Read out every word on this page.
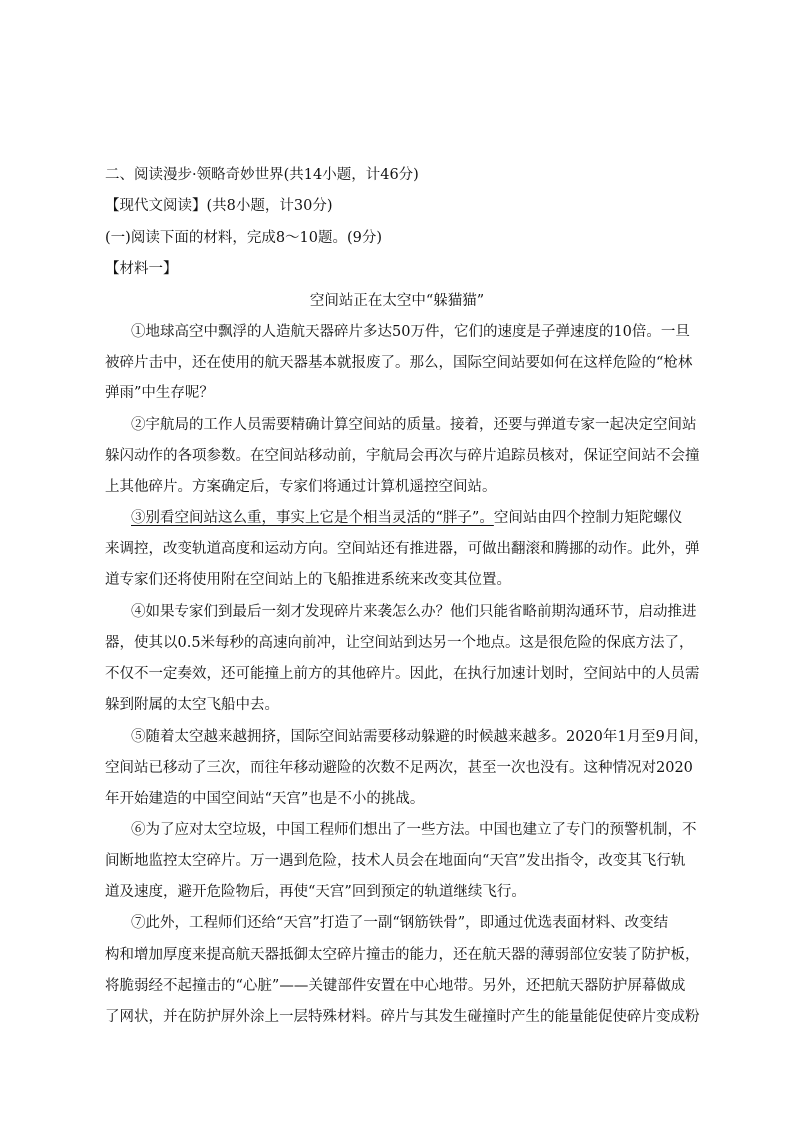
二、阅读漫步·领略奇妙世界(共14小题，计46分)
【现代文阅读】(共8小题，计30分)
(一)阅读下面的材料，完成8～10题。(9分)
【材料一】
空间站正在太空中“躲猫猫”
①地球高空中飘浮的人造航天器碎片多达50万件，它们的速度是子弹速度的10倍。一旦
被碎片击中，还在使用的航天器基本就报废了。那么，国际空间站要如何在这样危险的“枪林
弹雨”中生存呢？
②宇航局的工作人员需要精确计算空间站的质量。接着，还要与弹道专家一起决定空间站
躲闪动作的各项参数。在空间站移动前，宇航局会再次与碎片追踪员核对，保证空间站不会撞
上其他碎片。方案确定后，专家们将通过计算机遥控空间站。
③别看空间站这么重，事实上它是个相当灵活的“胖子”。空间站由四个控制力矩陀螺仪
来调控，改变轨道高度和运动方向。空间站还有推进器，可做出翻滚和腾挪的动作。此外，弹
道专家们还将使用附在空间站上的飞船推进系统来改变其位置。
④如果专家们到最后一刻才发现碎片来袭怎么办？他们只能省略前期沟通环节，启动推进
器，使其以0.5米每秒的高速向前冲，让空间站到达另一个地点。这是很危险的保底方法了，
不仅不一定奏效，还可能撞上前方的其他碎片。因此，在执行加速计划时，空间站中的人员需
躲到附属的太空飞船中去。
⑤随着太空越来越拥挤，国际空间站需要移动躲避的时候越来越多。2020年1月至9月间，
空间站已移动了三次，而往年移动避险的次数不足两次，甚至一次也没有。这种情况对2020
年开始建造的中国空间站“天宫”也是不小的挑战。
⑥为了应对太空垃圾，中国工程师们想出了一些方法。中国也建立了专门的预警机制，不
间断地监控太空碎片。万一遇到危险，技术人员会在地面向“天宫”发出指令，改变其飞行轨
道及速度，避开危险物后，再使“天宫”回到预定的轨道继续飞行。
⑦此外，工程师们还给“天宫”打造了一副“钢筋铁骨”，即通过优选表面材料、改变结
构和增加厚度来提高航天器抵御太空碎片撞击的能力，还在航天器的薄弱部位安装了防护板，
将脆弱经不起撞击的“心脏”——关键部件安置在中心地带。另外，还把航天器防护屏幕做成
了网状，并在防护屏外涂上一层特殊材料。碎片与其发生碰撞时产生的能量能促使碎片变成粉
